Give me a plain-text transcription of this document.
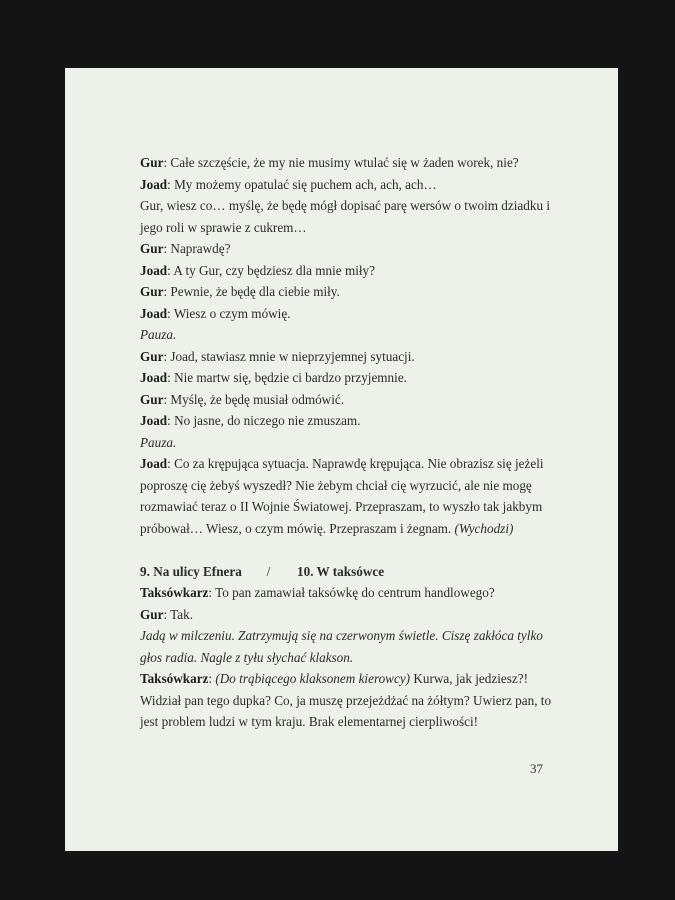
Gur: Całe szczęście, że my nie musimy wtulać się w żaden worek, nie?
Joad: My możemy opatulać się puchem ach, ach, ach…
Gur, wiesz co… myślę, że będę mógł dopisać parę wersów o twoim dziadku i
jego roli w sprawie z cukrem…
Gur: Naprawdę?
Joad: A ty Gur, czy będziesz dla mnie miły?
Gur: Pewnie, że będę dla ciebie miły.
Joad: Wiesz o czym mówię.
Pauza.
Gur: Joad, stawiasz mnie w nieprzyjemnej sytuacji.
Joad: Nie martw się, będzie ci bardzo przyjemnie.
Gur: Myślę, że będę musiał odmówić.
Joad: No jasne, do niczego nie zmuszam.
Pauza.
Joad: Co za krępująca sytuacja. Naprawdę krępująca. Nie obrazisz się jeżeli
poproszę cię żebyś wyszedł? Nie żebym chciał cię wyrzucić, ale nie mogę
rozmawiać teraz o II Wojnie Światowej. Przepraszam, to wyszło tak jakbym
próbował… Wiesz, o czym mówię. Przepraszam i żegnam. (Wychodzi)
9. Na ulicy Efnera / 10. W taksówce
Taksówkarz: To pan zamawiał taksówkę do centrum handlowego?
Gur: Tak.
Jadą w milczeniu. Zatrzymują się na czerwonym świetle. Ciszę zakłóca tylko
głos radia. Nagle z tyłu słychać klakson.
Taksówkarz: (Do trąbiącego klaksonem kierowcy) Kurwa, jak jedziesz?!
Widział pan tego dupka? Co, ja muszę przejeżdżać na żółtym? Uwierz pan, to
jest problem ludzi w tym kraju. Brak elementarnej cierpliwości!
37
